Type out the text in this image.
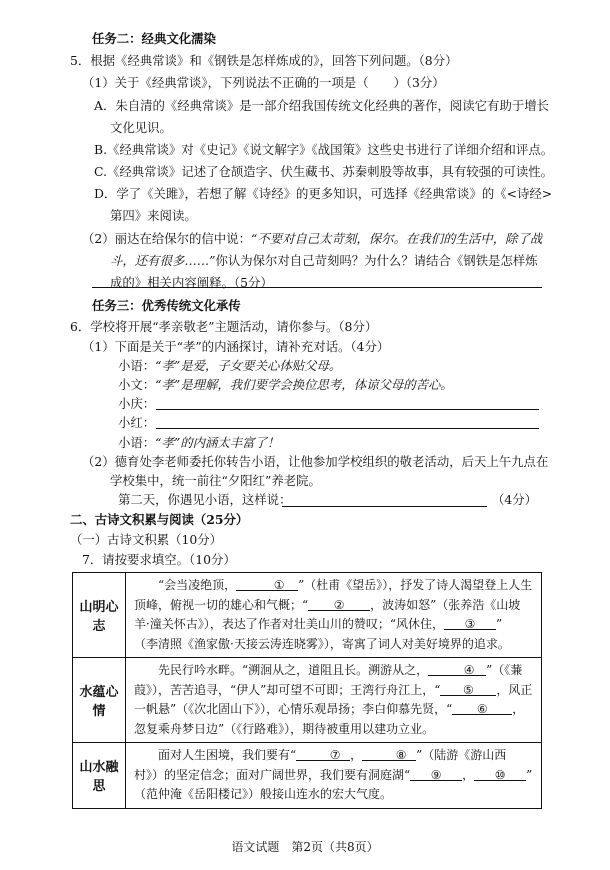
任务二：经典文化濡染
5．根据《经典常谈》和《钢铁是怎样炼成的》，回答下列问题。（8分）
（1）关于《经典常谈》，下列说法不正确的一项是（　　）（3分）
A．朱自清的《经典常谈》是一部介绍我国传统文化经典的著作，阅读它有助于增长
文化见识。
B.《经典常谈》对《史记》《说文解字》《战国策》这些史书进行了详细介绍和评点。
C.《经典常谈》记述了仓颉造字、伏生藏书、苏秦刺股等故事，具有较强的可读性。
D．学了《关雎》，若想了解《诗经》的更多知识，可选择《经典常谈》的《<诗经>
第四》来阅读。
（2）丽达在给保尔的信中说：“不要对自己太苛刻，保尔。在我们的生活中，除了战
斗，还有很多……”你认为保尔对自己苛刻吗？为什么？请结合《钢铁是怎样炼
成的》相关内容阐释。（5分）
任务三：优秀传统文化承传
6．学校将开展“孝亲敬老”主题活动，请你参与。（8分）
（1）下面是关于“孝”的内涵探讨，请补充对话。（4分）
小语：“孝”是爱，子女要关心体贴父母。
小文：“孝”是理解，我们要学会换位思考，体谅父母的苦心。
小庆：
小红：
小语：“孝”的内涵太丰富了！
（2）德育处李老师委托你转告小语，让他参加学校组织的敬老活动，后天上午九点在
学校集中，统一前往“夕阳红”养老院。
第二天，你遇见小语，这样说：	（4分）
山明心志	“会当凌绝顶， ① ”（杜甫《望岳》），抒发了诗人渴望登上人生
顶峰，俯视一切的雄心和气概；“ ② ，波涛如怒”（张养浩《山坡
羊·潼关怀古》），表达了作者对壮美山川的赞叹；“风休住， ③ ”
（李清照《渔家傲·天接云涛连晓雾》），寄寓了词人对美好境界的追求。

水蕴心情	先民行吟水畔。“溯洄从之，道阻且长。溯游从之， ④ ”（《蒹
葭》），苦苦追寻，“伊人”却可望不可即；王湾行舟江上，“ ⑤ ，风正
一帆悬”（《次北固山下》），心情乐观昂扬；李白仰慕先贤，“ ⑥ ，
忽复乘舟梦日边”（《行路难》），期待被重用以建功立业。

山水融思	面对人生困境，我们要有“ ⑦ ， ⑧ ”（陆游《游山西
村》）的坚定信念；面对广阔世界，我们要有洞庭湖“ ⑨ ， ⑩ ”
（范仲淹《岳阳楼记》）般接山连水的宏大气度。
语文试题　第2页（共8页）
二、古诗文积累与阅读（25分）
（一）古诗文积累（10分）
7．请按要求填空。（10分）
